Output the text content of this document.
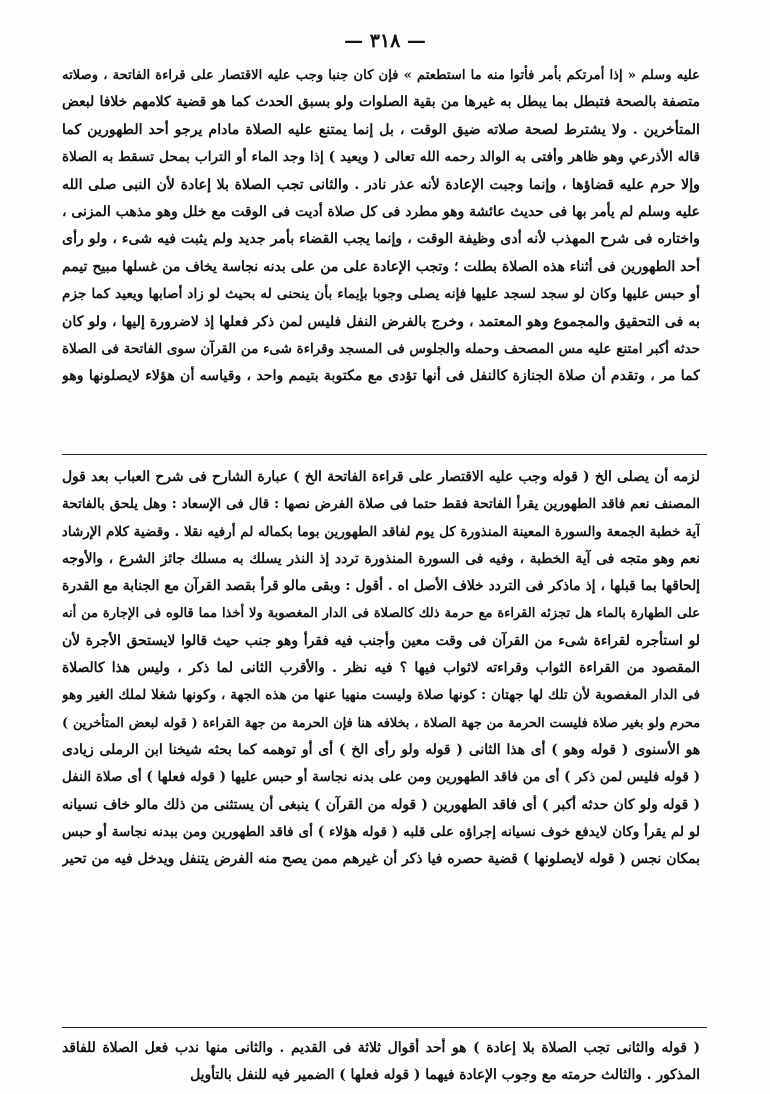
— ٣١٨ —
عليه وسلم « إذا أمرتكم بأمر فأتوا منه ما استطعتم » فإن كان جنبا وجب عليه الاقتصار على قراءة الفاتحة ، وصلاته
متصفة بالصحة فتبطل بما يبطل به غيرها من بقية الصلوات ولو بسبق الحدث كما هو قضية كلامهم خلافا لبعض
المتأخرين . ولا يشترط لصحة صلاته ضيق الوقت ، بل إنما يمتنع عليه الصلاة مادام يرجو أحد الطهورين كما
قاله الأذرعي وهو ظاهر وأفتى به الوالد رحمه الله تعالى ( ويعيد ) إذا وجد الماء أو التراب بمحل تسقط به الصلاة
وإلا حرم عليه قضاؤها ، وإنما وجبت الإعادة لأنه عذر نادر . والثانى تجب الصلاة بلا إعادة لأن النبى صلى الله
عليه وسلم لم يأمر بها فى حديث عائشة وهو مطرد فى كل صلاة أديت فى الوقت مع خلل وهو مذهب المزنى ،
واختاره فى شرح المهذب لأنه أدى وظيفة الوقت ، وإنما يجب القضاء بأمر جديد ولم يثبت فيه شىء ، ولو رأى
أحد الطهورين فى أثناء هذه الصلاة بطلت ؛ وتجب الإعادة على من على بدنه نجاسة يخاف من غسلها مبيح تيمم
أو حبس عليها وكان لو سجد لسجد عليها فإنه يصلى وجوبا بإيماء بأن ينحنى له بحيث لو زاد أصابها ويعيد كما جزم
به فى التحقيق والمجموع وهو المعتمد ، وخرج بالفرض النفل فليس لمن ذكر فعلها إذ لاضرورة إليها ، ولو كان
حدثه أكبر امتنع عليه مس المصحف وحمله والجلوس فى المسجد وقراءة شىء من القرآن سوى الفاتحة فى الصلاة
كما مر ، وتقدم أن صلاة الجنازة كالنفل فى أنها تؤدى مع مكتوبة بتيمم واحد ، وقياسه أن هؤلاء لايصلونها وهو
لزمه أن يصلى الخ ( قوله وجب عليه الاقتصار على قراءة الفاتحة الخ ) عبارة الشارح فى شرح العباب بعد قول
المصنف نعم فاقد الطهورين يقرأ الفاتحة فقط حتما فى صلاة الفرض نصها : قال فى الإسعاد : وهل يلحق بالفاتحة
آية خطبة الجمعة والسورة المعينة المنذورة كل يوم لفاقد الطهورين بوما بكماله لم أرفيه نقلا . وقضية كلام الإرشاد
نعم وهو متجه فى آية الخطبة ، وفيه فى السورة المنذورة تردد إذ النذر يسلك به مسلك جائز الشرع ، والأوجه
إلحاقها بما قبلها ، إذ ماذكر فى التردد خلاف الأصل اه . أقول : وبقى مالو قرأ بقصد القرآن مع الجنابة مع القدرة
على الطهارة بالماء هل تجزئه القراءة مع حرمة ذلك كالصلاة فى الدار المغصوبة ولا أخذا مما قالوه فى الإجارة من أنه
لو استأجره لقراءة شىء من القرآن فى وقت معين وأجنب فيه فقرأ وهو جنب حيث قالوا لايستحق الأجرة لأن
المقصود من القراءة الثواب وقراءته لاثواب فيها ؟ فيه نظر . والأقرب الثانى لما ذكر ، وليس هذا كالصلاة
فى الدار المغصوبة لأن تلك لها جهتان : كونها صلاة وليست منهيا عنها من هذه الجهة ، وكونها شغلا لملك الغير وهو
محرم ولو بغير صلاة فليست الحرمة من جهة الصلاة ، بخلافه هنا فإن الحرمة من جهة القراءة ( قوله لبعض المتأخرين )
هو الأسنوى ( قوله وهو ) أى هذا الثانى ( قوله ولو رأى الخ ) أى أو توهمه كما بحثه شيخنا ابن الرملى زيادى
( قوله فليس لمن ذكر ) أى من فاقد الطهورين ومن على بدنه نجاسة أو حبس عليها ( قوله فعلها ) أى صلاة النفل
( قوله ولو كان حدثه أكبر ) أى فاقد الطهورين ( قوله من القرآن ) ينبغى أن يستثنى من ذلك مالو خاف نسيانه
لو لم يقرأ وكان لايدفع خوف نسيانه إجراؤه على قلبه ( قوله هؤلاء ) أى فاقد الطهورين ومن ببدنه نجاسة أو حبس
بمكان نجس ( قوله لايصلونها ) قضية حصره فيا ذكر أن غيرهم ممن يصح منه الفرض يتنفل ويدخل فيه من تحير
( قوله والثانى تجب الصلاة بلا إعادة ) هو أحد أقوال ثلاثة فى القديم . والثانى منها ندب فعل الصلاة للفاقد
المذكور . والثالث حرمته مع وجوب الإعادة فيهما ( قوله فعلها ) الضمير فيه للنفل بالتأويل
